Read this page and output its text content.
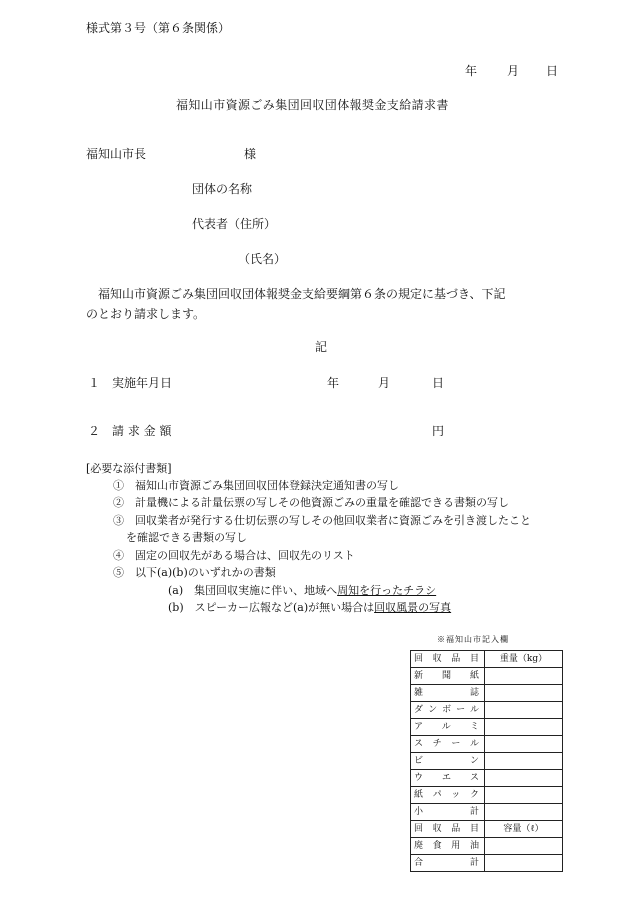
様式第３号（第６条関係）
年 月 日
福知山市資源ごみ集団回収団体報奨金支給請求書
福知山市長	様
団体の名称
代表者（住所）
（氏名）
福知山市資源ごみ集団回収団体報奨金支給要綱第６条の規定に基づき、下記
のとおり請求します。
記
１ 実施年月日	年	月	日
２ 請 求 金 額	円
[必要な添付書類]
①　福知山市資源ごみ集団回収団体登録決定通知書の写し
②　計量機による計量伝票の写しその他資源ごみの重量を確認できる書類の写し
③　回収業者が発行する仕切伝票の写しその他回収業者に資源ごみを引き渡したこと
を確認できる書類の写し
④　固定の回収先がある場合は、回収先のリスト
⑤　以下(a)(b)のいずれかの書類
(a)　集団回収実施に伴い、地域へ周知を行ったチラシ
(b)　スピーカー広報など(a)が無い場合は回収風景の写真
※福知山市記入欄
回収品目	重量（kg）
新聞紙	
雑誌	
ダンボール	
アルミ	
スチール	
ビン	
ウエス	
紙パック	
小計	
回収品目	容量（ℓ）
廃食用油	
合計	
